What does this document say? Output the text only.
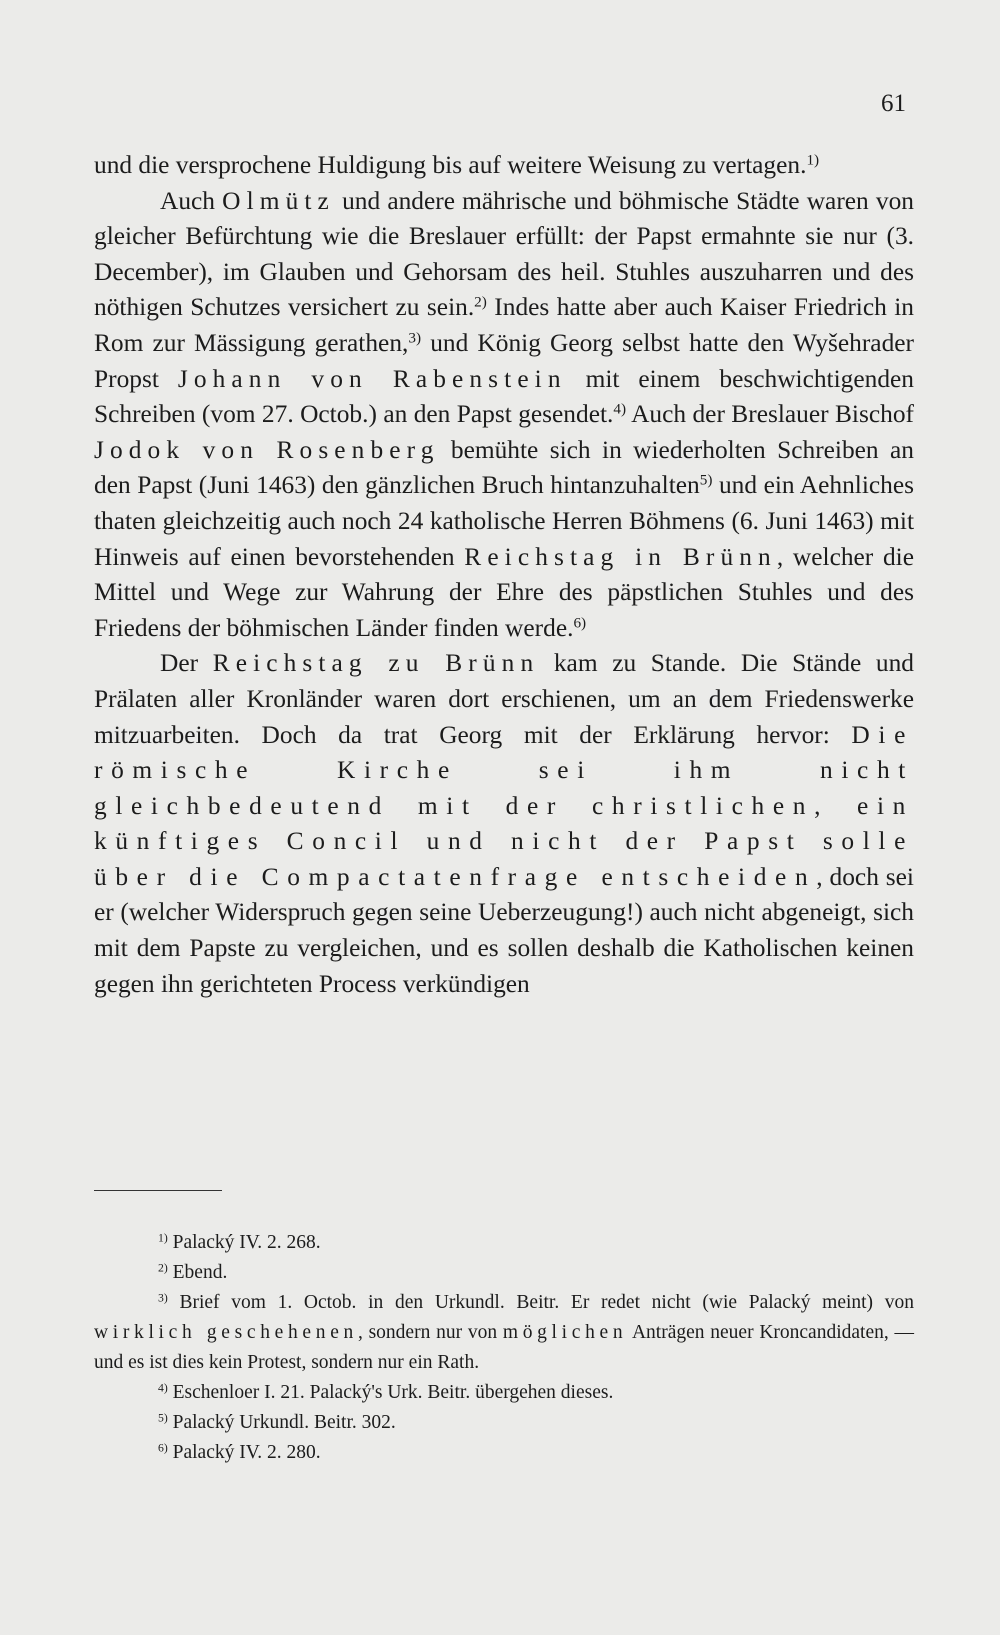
61

und die versprochene Huldigung bis auf weitere Weisung zu vertagen.$^{1)}$

Auch Olmütz und andere mährische und böhmische Städte waren von gleicher Befürchtung wie die Breslauer erfüllt: der Papst ermahnte sie nur (3. December), im Glauben und Gehorsam des heil. Stuhles auszuharren und des nöthigen Schutzes versichert zu sein.$^{2)}$ Indes hatte aber auch Kaiser Friedrich in Rom zur Mässigung gerathen,$^{3)}$ und König Georg selbst hatte den Wyšehrader Propst Johann von Rabenstein mit einem beschwichtigenden Schreiben (vom 27. Octob.) an den Papst gesendet.$^{4)}$ Auch der Breslauer Bischof Jodok von Rosenberg bemühte sich in wiederholten Schreiben an den Papst (Juni 1463) den gänzlichen Bruch hintanzuhalten$^{5)}$ und ein Aehnliches thaten gleichzeitig auch noch 24 katholische Herren Böhmens (6. Juni 1463) mit Hinweis auf einen bevorstehenden Reichstag in Brünn, welcher die Mittel und Wege zur Wahrung der Ehre des päpstlichen Stuhles und des Friedens der böhmischen Länder finden werde.$^{6)}$

Der Reichstag zu Brünn kam zu Stande. Die Stände und Prälaten aller Kronländer waren dort erschienen, um an dem Friedenswerke mitzuarbeiten. Doch da trat Georg mit der Erklärung hervor: Die römische Kirche sei ihm nicht gleichbedeutend mit der christlichen, ein künftiges Concil und nicht der Papst solle über die Compactatenfrage entscheiden, doch sei er (welcher Widerspruch gegen seine Ueberzeugung!) auch nicht abgeneigt, sich mit dem Papste zu vergleichen, und es sollen deshalb die Katholischen keinen gegen ihn gerichteten Process verkündigen

$^{1)}$ Palacký IV. 2. 268.

$^{2)}$ Ebend.

$^{3)}$ Brief vom 1. Octob. in den Urkundl. Beitr. Er redet nicht (wie Palacký meint) von wirklich geschehenen, sondern nur von möglichen Anträgen neuer Kroncandidaten, — und es ist dies kein Protest, sondern nur ein Rath.

$^{4)}$ Eschenloer I. 21. Palacký's Urk. Beitr. übergehen dieses.

$^{5)}$ Palacký Urkundl. Beitr. 302.

$^{6)}$ Palacký IV. 2. 280.
